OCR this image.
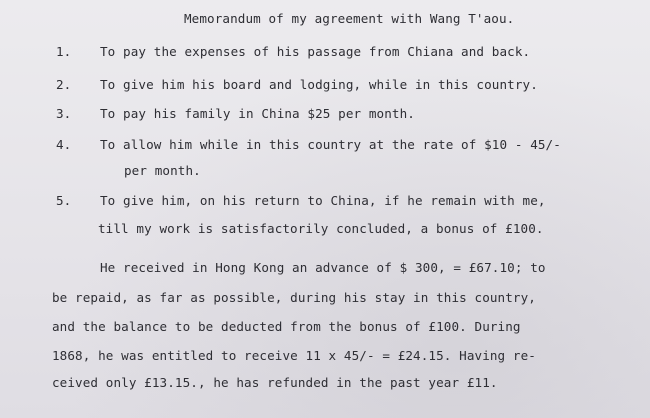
Memorandum of my agreement with Wang T'aou.
1. To pay the expenses of his passage from Chiana and back.
2. To give him his board and lodging, while in this country.
3. To pay his family in China $25 per month.
4. To allow him while in this country at the rate of $10 - 45/-
per month.
5. To give him, on his return to China, if he remain with me,
till my work is satisfactorily concluded, a bonus of £100.
He received in Hong Kong an advance of $ 300, = £67.10; to
be repaid, as far as possible, during his stay in this country,
and the balance to be deducted from the bonus of £100. During
1868, he was entitled to receive 11 x 45/- = £24.15. Having re-
ceived only £13.15., he has refunded in the past year £11.
